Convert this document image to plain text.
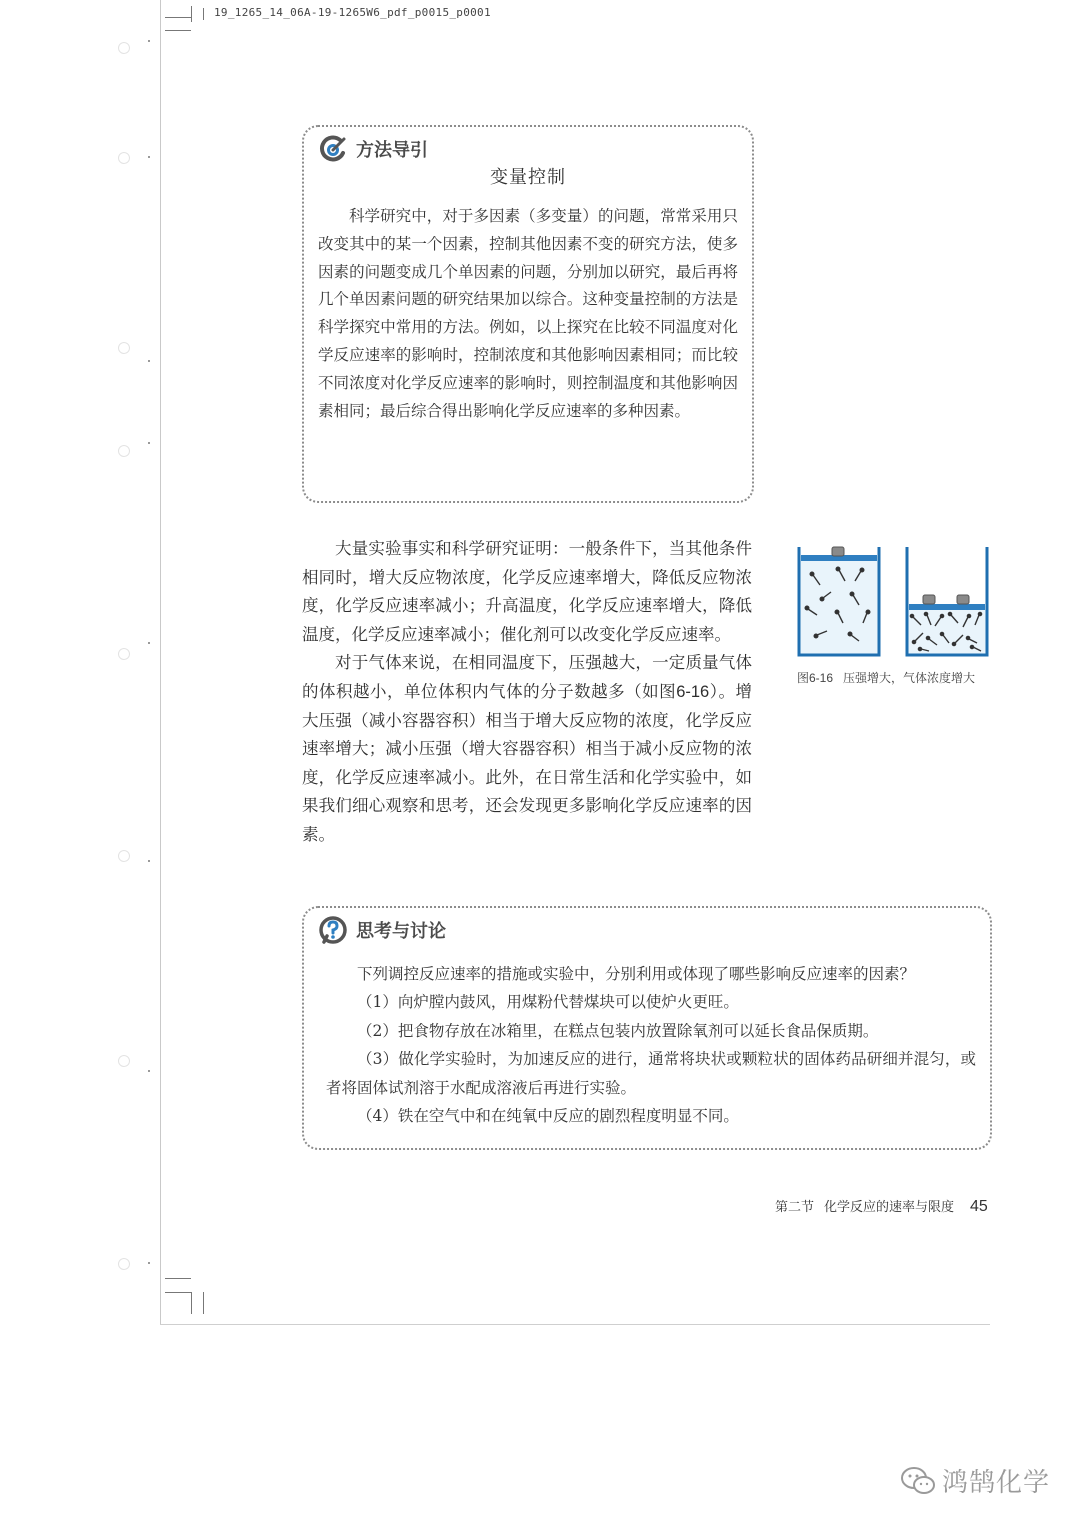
19_1265_14_06A-19-1265W6_pdf_p0015_p0001
方法导引
变量控制

科学研究中，对于多因素（多变量）的问题，常常采用只改变其中的某一个因素，控制其他因素不变的研究方法，使多因素的问题变成几个单因素的问题，分别加以研究，最后再将几个单因素问题的研究结果加以综合。这种变量控制的方法是科学探究中常用的方法。例如，以上探究在比较不同温度对化学反应速率的影响时，控制浓度和其他影响因素相同；而比较不同浓度对化学反应速率的影响时，则控制温度和其他影响因素相同；最后综合得出影响化学反应速率的多种因素。

大量实验事实和科学研究证明：一般条件下，当其他条件相同时，增大反应物浓度，化学反应速率增大，降低反应物浓度，化学反应速率减小；升高温度，化学反应速率增大，降低温度，化学反应速率减小；催化剂可以改变化学反应速率。

对于气体来说，在相同温度下，压强越大，一定质量气体的体积越小，单位体积内气体的分子数越多（如图6-16）。增大压强（减小容器容积）相当于增大反应物的浓度，化学反应速率增大；减小压强（增大容器容积）相当于减小反应物的浓度，化学反应速率减小。此外，在日常生活和化学实验中，如果我们细心观察和思考，还会发现更多影响化学反应速率的因素。

图6-16 压强增大，气体浓度增大
思考与讨论

下列调控反应速率的措施或实验中，分别利用或体现了哪些影响反应速率的因素？

（1）向炉膛内鼓风，用煤粉代替煤块可以使炉火更旺。

（2）把食物存放在冰箱里，在糕点包装内放置除氧剂可以延长食品保质期。

（3）做化学实验时，为加速反应的进行，通常将块状或颗粒状的固体药品研细并混匀，或者将固体试剂溶于水配成溶液后再进行实验。

（4）铁在空气中和在纯氧中反应的剧烈程度明显不同。

第二节 化学反应的速率与限度 45
鸿鹄化学
